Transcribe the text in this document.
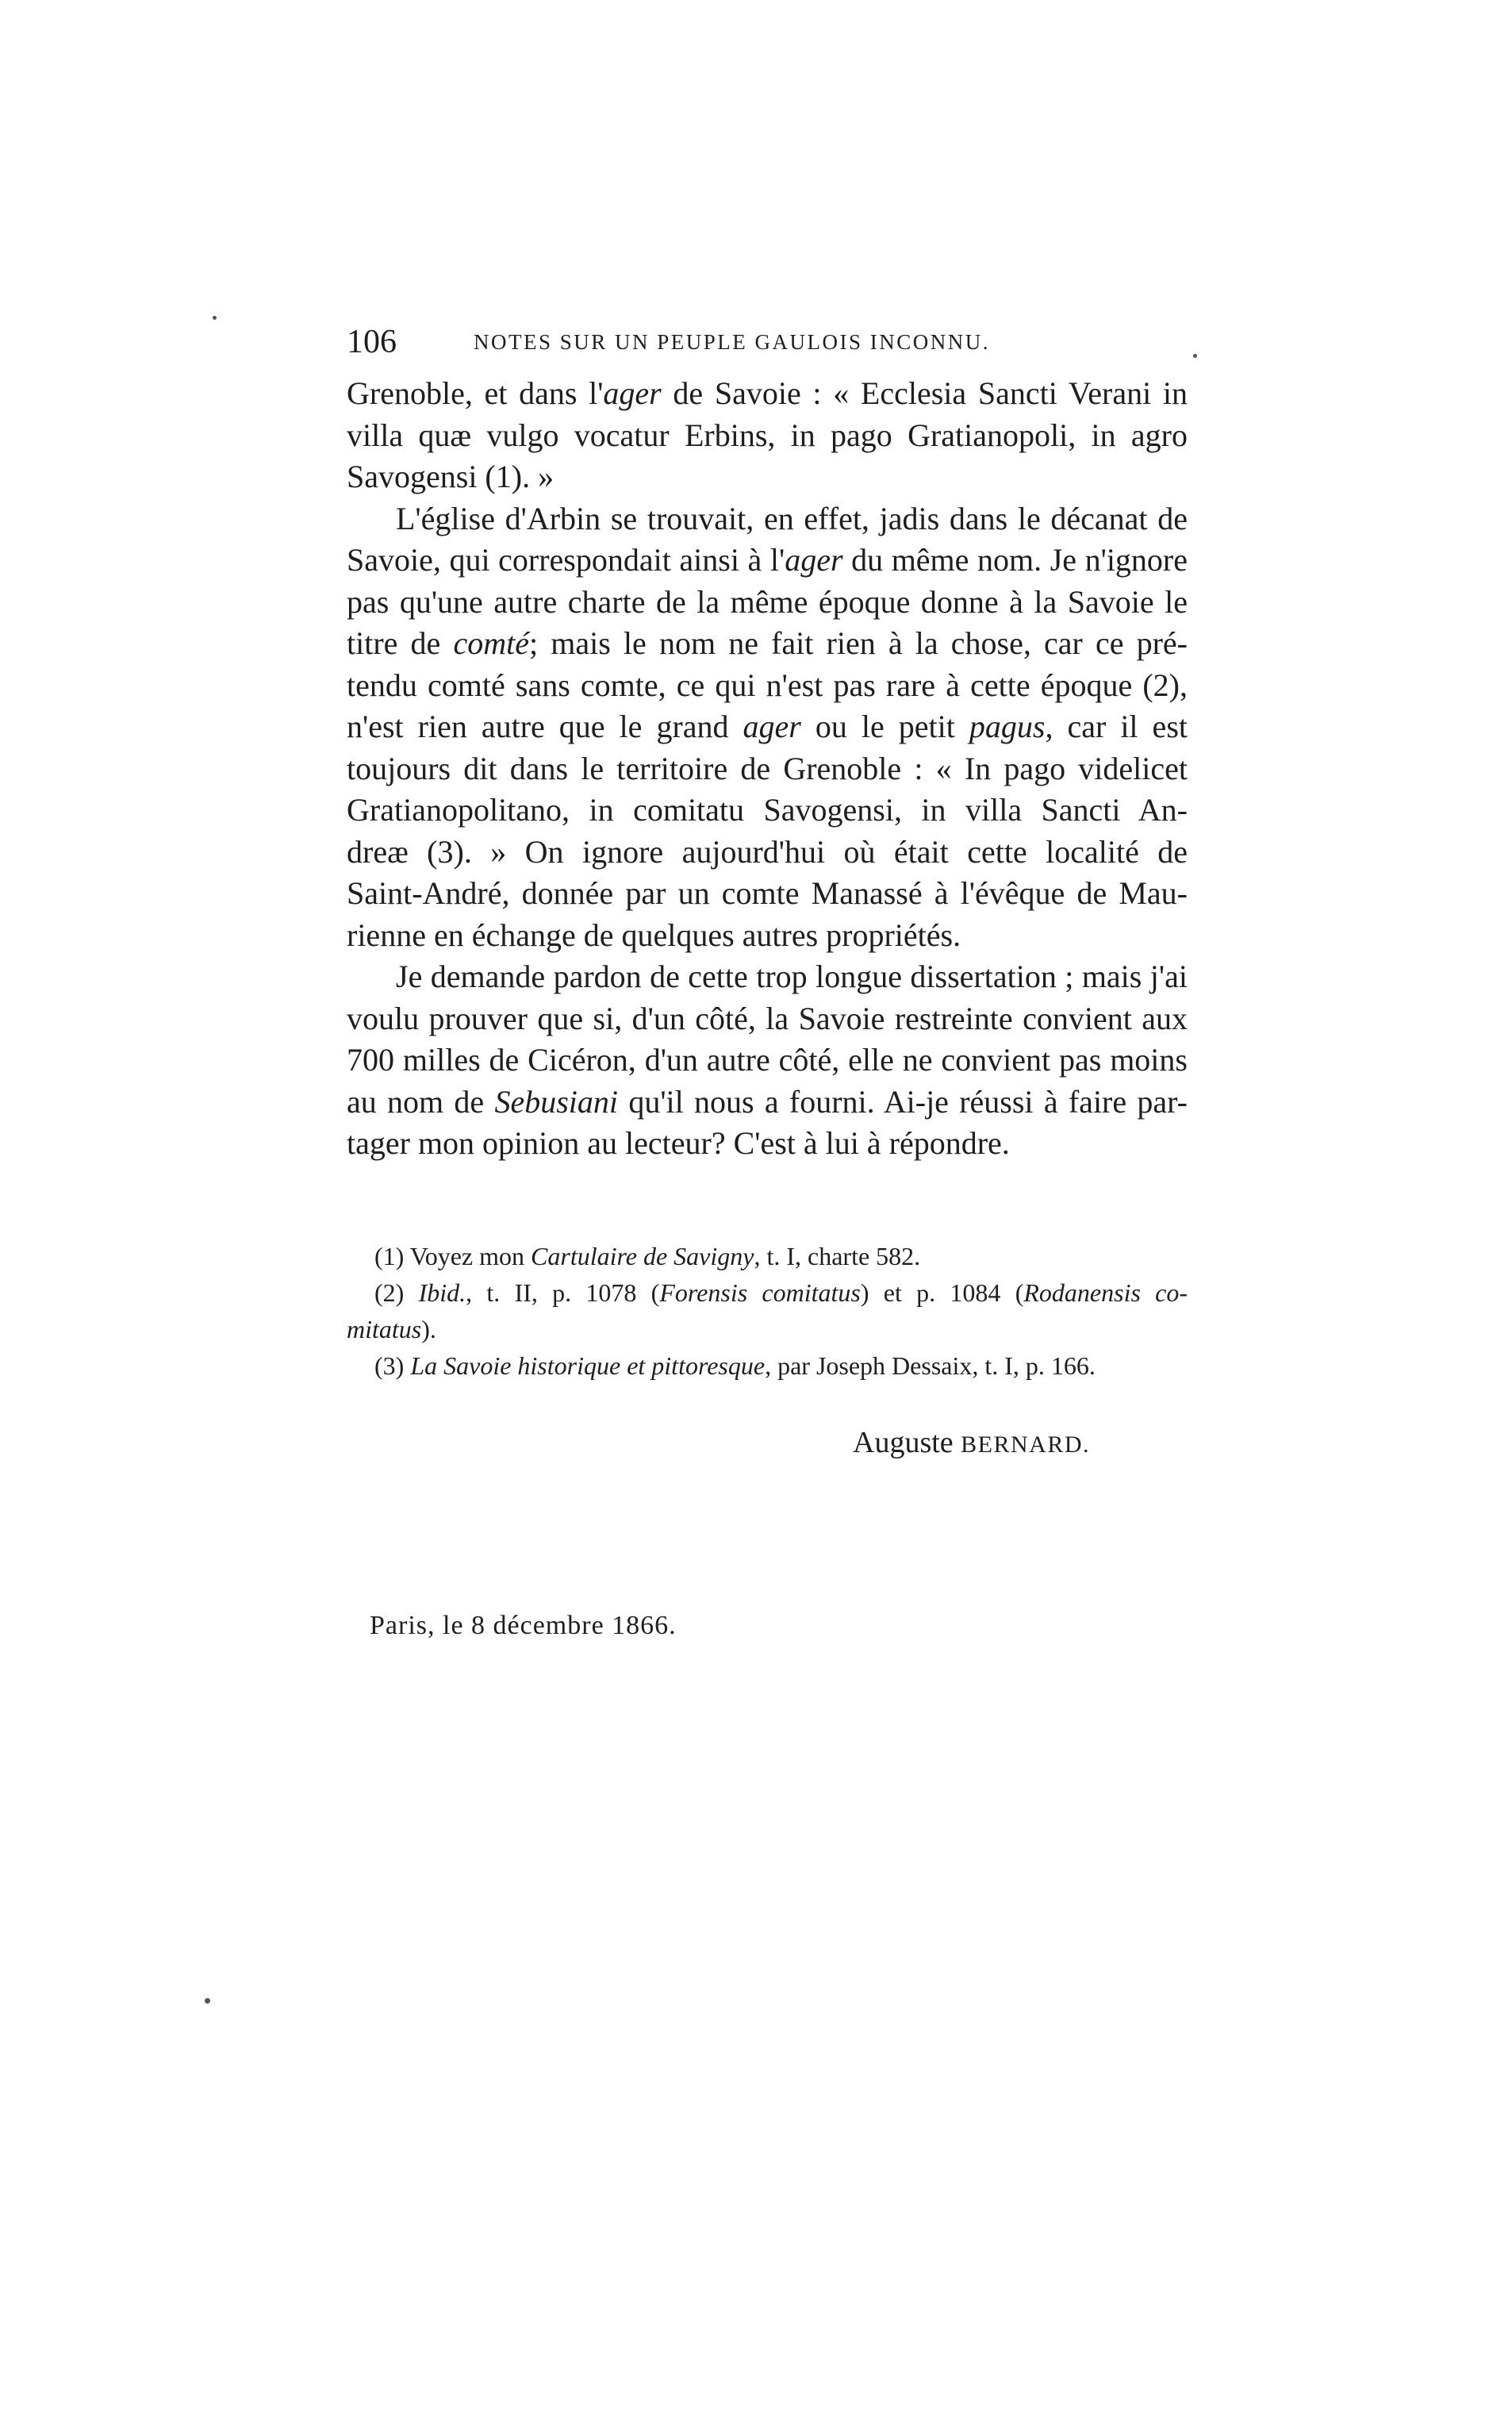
106	NOTES SUR UN PEUPLE GAULOIS INCONNU.
Grenoble, et dans l'ager de Savoie : « Ecclesia Sancti Verani in
villa quæ vulgo vocatur Erbins, in pago Gratianopoli, in agro
Savogensi (1). »
L'église d'Arbin se trouvait, en effet, jadis dans le décanat de
Savoie, qui correspondait ainsi à l'ager du même nom. Je n'ignore
pas qu'une autre charte de la même époque donne à la Savoie le
titre de comté; mais le nom ne fait rien à la chose, car ce pré-
tendu comté sans comte, ce qui n'est pas rare à cette époque (2),
n'est rien autre que le grand ager ou le petit pagus, car il est
toujours dit dans le territoire de Grenoble : « In pago videlicet
Gratianopolitano, in comitatu Savogensi, in villa Sancti An-
dreæ (3). » On ignore aujourd'hui où était cette localité de
Saint-André, donnée par un comte Manassé à l'évêque de Mau-
rienne en échange de quelques autres propriétés.
Je demande pardon de cette trop longue dissertation ; mais j'ai
voulu prouver que si, d'un côté, la Savoie restreinte convient aux
700 milles de Cicéron, d'un autre côté, elle ne convient pas moins
au nom de Sebusiani qu'il nous a fourni. Ai-je réussi à faire par-
tager mon opinion au lecteur? C'est à lui à répondre.
(1) Voyez mon Cartulaire de Savigny, t. I, charte 582.
(2) Ibid., t. II, p. 1078 (Forensis comitatus) et p. 1084 (Rodanensis co-
mitatus).
(3) La Savoie historique et pittoresque, par Joseph Dessaix, t. I, p. 166.
Auguste BERNARD.
Paris, le 8 décembre 1866.
